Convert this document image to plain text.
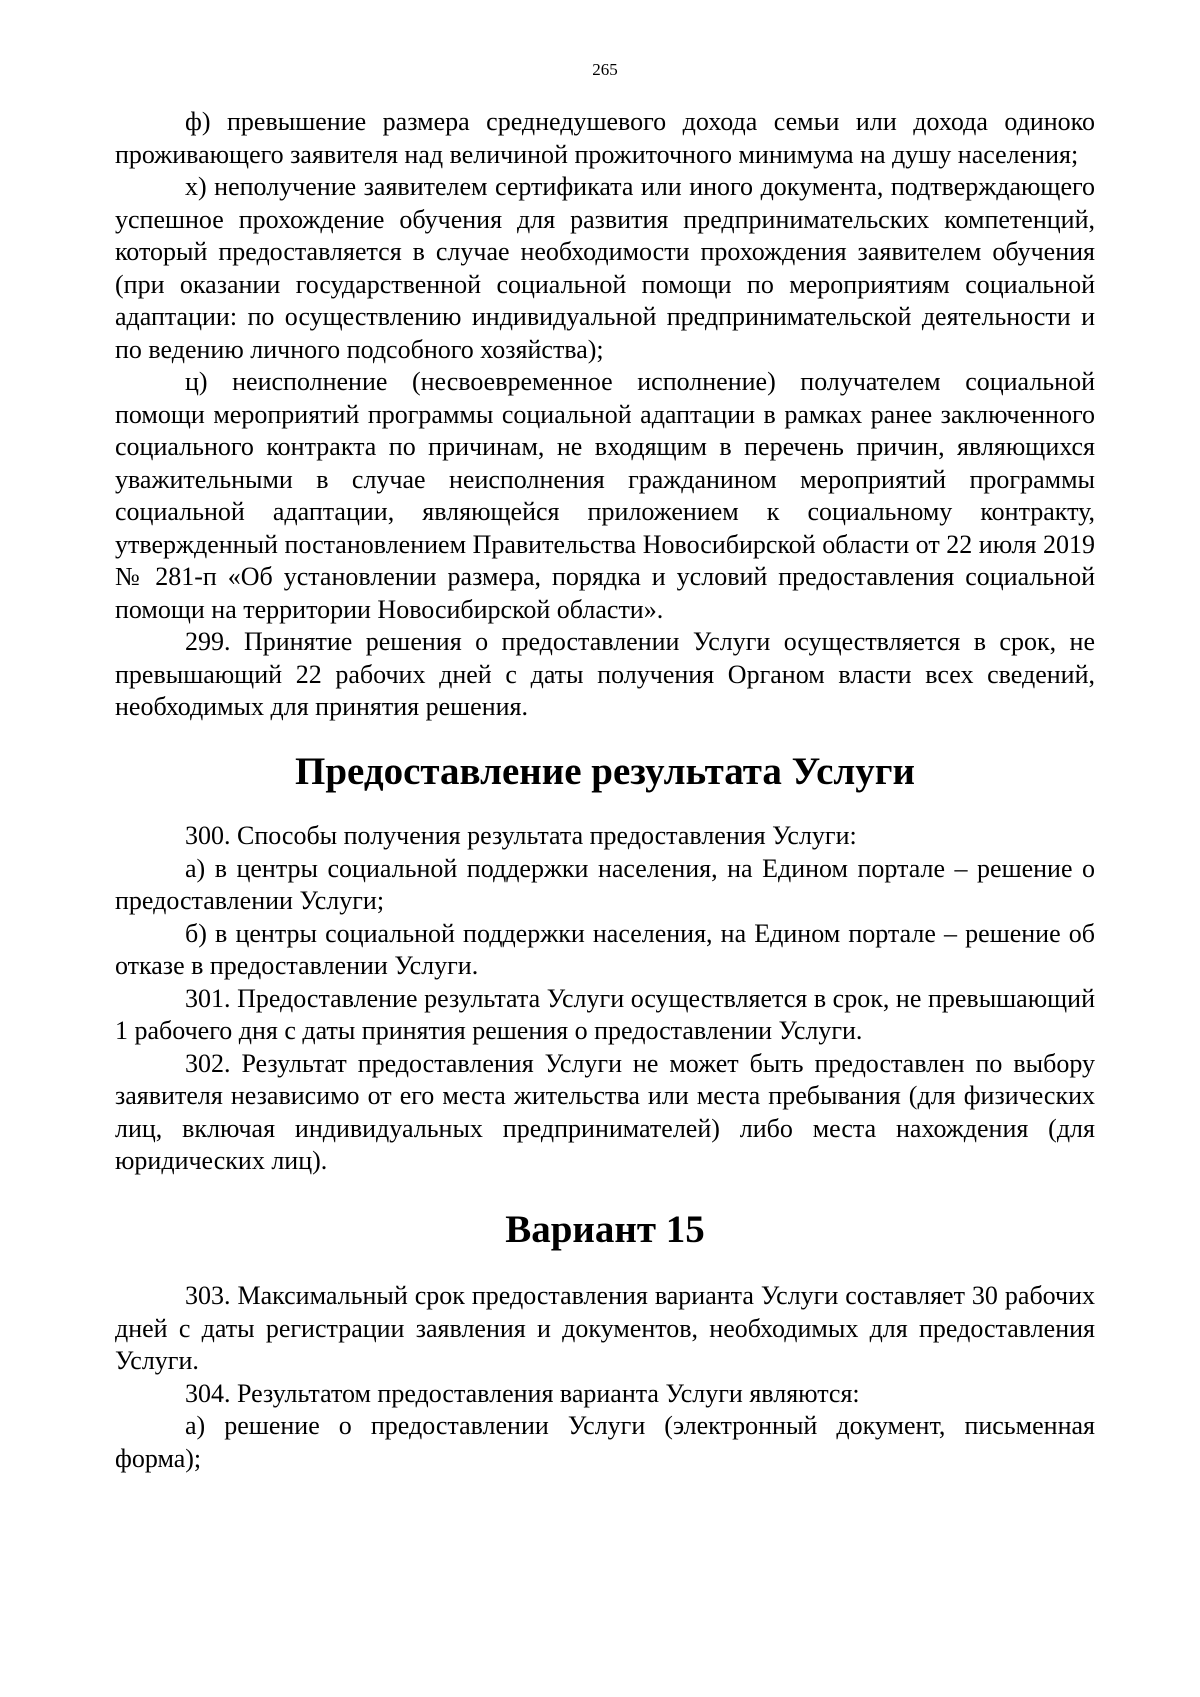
265

ф) превышение размера среднедушевого дохода семьи или дохода одиноко проживающего заявителя над величиной прожиточного минимума на душу населения;

х) неполучение заявителем сертификата или иного документа, подтверждающего успешное прохождение обучения для развития предпринимательских компетенций, который предоставляется в случае необходимости прохождения заявителем обучения (при оказании государственной социальной помощи по мероприятиям социальной адаптации: по осуществлению индивидуальной предпринимательской деятельности и по ведению личного подсобного хозяйства);

ц) неисполнение (несвоевременное исполнение) получателем социальной помощи мероприятий программы социальной адаптации в рамках ранее заключенного социального контракта по причинам, не входящим в перечень причин, являющихся уважительными в случае неисполнения гражданином мероприятий программы социальной адаптации, являющейся приложением к социальному контракту, утвержденный постановлением Правительства Новосибирской области от 22 июля 2019 № 281-п «Об установлении размера, порядка и условий предоставления социальной помощи на территории Новосибирской области».

299. Принятие решения о предоставлении Услуги осуществляется в срок, не превышающий 22 рабочих дней с даты получения Органом власти всех сведений, необходимых для принятия решения.

Предоставление результата Услуги

300. Способы получения результата предоставления Услуги:

а) в центры социальной поддержки населения, на Едином портале – решение о предоставлении Услуги;

б) в центры социальной поддержки населения, на Едином портале – решение об отказе в предоставлении Услуги.

301. Предоставление результата Услуги осуществляется в срок, не превышающий 1 рабочего дня с даты принятия решения о предоставлении Услуги.

302. Результат предоставления Услуги не может быть предоставлен по выбору заявителя независимо от его места жительства или места пребывания (для физических лиц, включая индивидуальных предпринимателей) либо места нахождения (для юридических лиц).

Вариант 15

303. Максимальный срок предоставления варианта Услуги составляет 30 рабочих дней с даты регистрации заявления и документов, необходимых для предоставления Услуги.

304. Результатом предоставления варианта Услуги являются:

а) решение о предоставлении Услуги (электронный документ, письменная форма);
